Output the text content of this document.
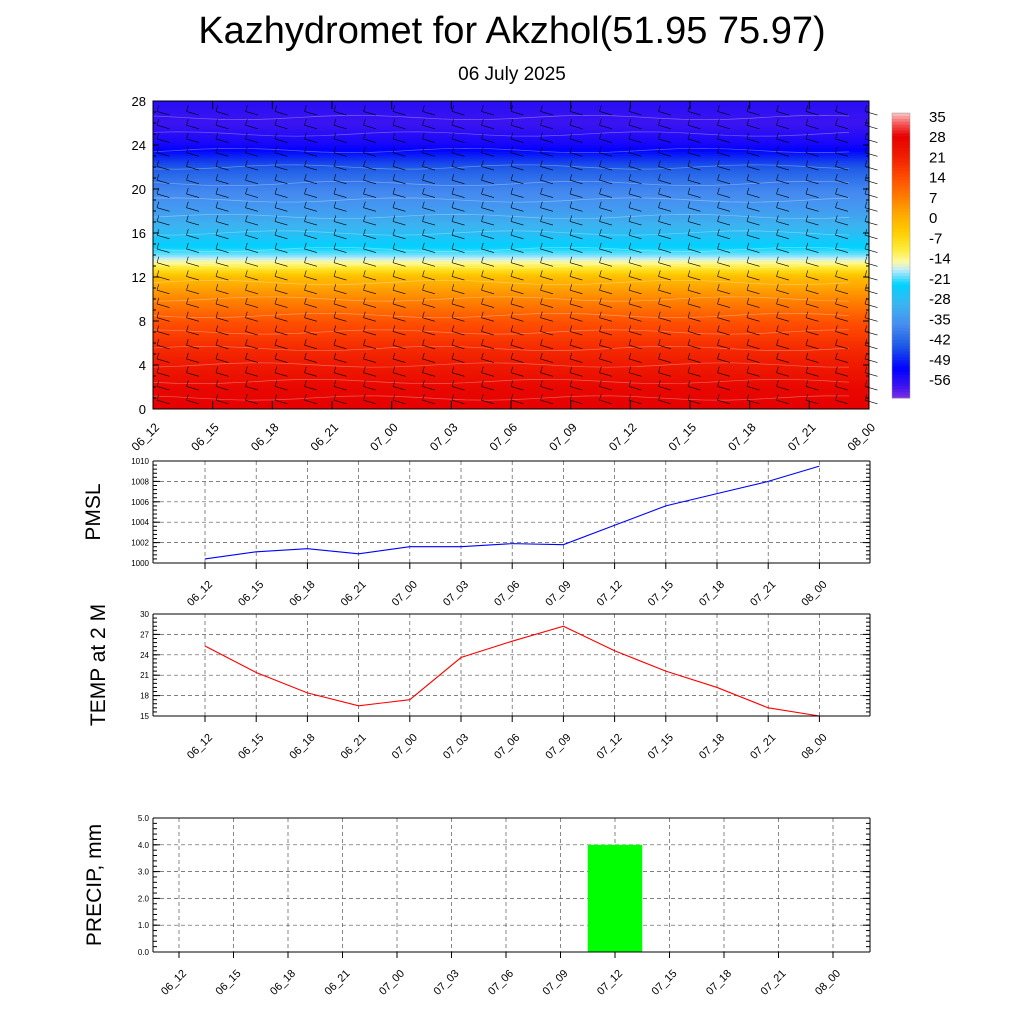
Kazhydromet for Akzhol(51.95 75.97)
06 July 2025
0
4
8
12
16
20
24
28
06_12 06_15 06_18 06_21 07_00 07_03 07_06 07_09 07_12 07_15 07_18 07_21 08_00
35
28
21
14
7
0
-7
-14
-21
-28
-35
-42
-49
-56
1000
1002
1004
1006
1008
1010
06_12 06_15 06_18 06_21 07_00 07_03 07_06 07_09 07_12 07_15 07_18 07_21 08_00
PMSL
15
18
21
24
27
30
06_12 06_15 06_18 06_21 07_00 07_03 07_06 07_09 07_12 07_15 07_18 07_21 08_00
TEMP at 2 M
0.0
1.0
2.0
3.0
4.0
5.0
06_12 06_15 06_18 06_21 07_00 07_03 07_06 07_09 07_12 07_15 07_18 07_21 08_00
PRECIP, mm
